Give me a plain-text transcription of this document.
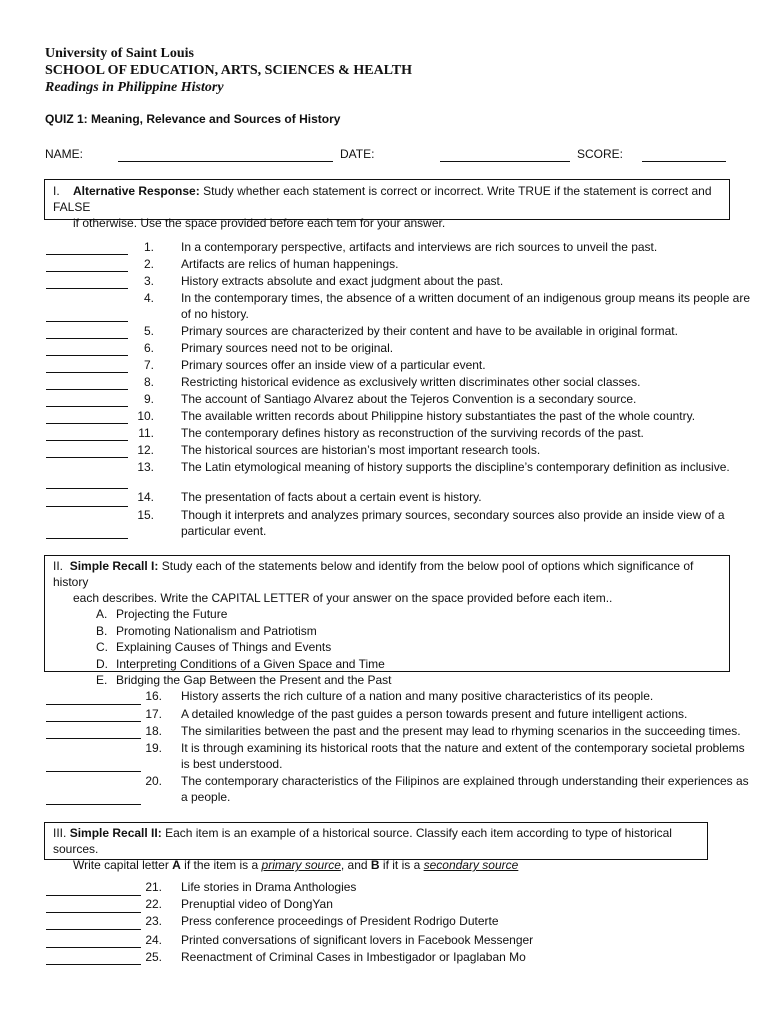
University of Saint Louis
SCHOOL OF EDUCATION, ARTS, SCIENCES & HEALTH
Readings in Philippine History
QUIZ 1: Meaning, Relevance and Sources of History
NAME:	DATE:	SCORE:
I. Alternative Response: Study whether each statement is correct or incorrect. Write TRUE if the statement is correct and FALSE
if otherwise. Use the space provided before each tem for your answer.
1. In a contemporary perspective, artifacts and interviews are rich sources to unveil the past.
2. Artifacts are relics of human happenings.
3. History extracts absolute and exact judgment about the past.
4. In the contemporary times, the absence of a written document of an indigenous group means its people are
of no history.
5. Primary sources are characterized by their content and have to be available in original format.
6. Primary sources need not to be original.
7. Primary sources offer an inside view of a particular event.
8. Restricting historical evidence as exclusively written discriminates other social classes.
9. The account of Santiago Alvarez about the Tejeros Convention is a secondary source.
10. The available written records about Philippine history substantiates the past of the whole country.
11. The contemporary defines history as reconstruction of the surviving records of the past.
12. The historical sources are historian’s most important research tools.
13. The Latin etymological meaning of history supports the discipline’s contemporary definition as inclusive.
14. The presentation of facts about a certain event is history.
15. Though it interprets and analyzes primary sources, secondary sources also provide an inside view of a
particular event.
II. Simple Recall I: Study each of the statements below and identify from the below pool of options which significance of history
each describes. Write the CAPITAL LETTER of your answer on the space provided before each item..
A. Projecting the Future
B. Promoting Nationalism and Patriotism
C. Explaining Causes of Things and Events
D. Interpreting Conditions of a Given Space and Time
E. Bridging the Gap Between the Present and the Past
16. History asserts the rich culture of a nation and many positive characteristics of its people.
17. A detailed knowledge of the past guides a person towards present and future intelligent actions.
18. The similarities between the past and the present may lead to rhyming scenarios in the succeeding times.
19. It is through examining its historical roots that the nature and extent of the contemporary societal problems
is best understood.
20. The contemporary characteristics of the Filipinos are explained through understanding their experiences as
a people.
III. Simple Recall II: Each item is an example of a historical source. Classify each item according to type of historical sources.
Write capital letter A if the item is a primary source, and B if it is a secondary source
21. Life stories in Drama Anthologies
22. Prenuptial video of DongYan
23. Press conference proceedings of President Rodrigo Duterte
24. Printed conversations of significant lovers in Facebook Messenger
25. Reenactment of Criminal Cases in Imbestigador or Ipaglaban Mo
